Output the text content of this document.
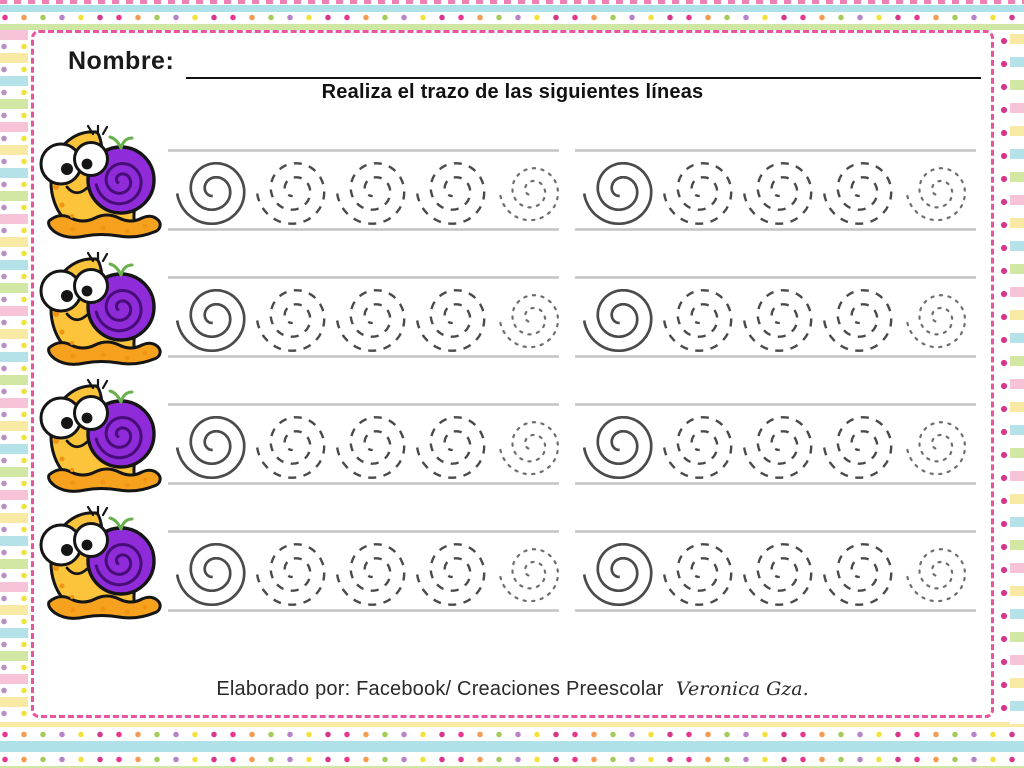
Nombre:
Realiza el trazo de las siguientes líneas
Elaborado por: Facebook/ Creaciones Preescolar Veronica Gza.
